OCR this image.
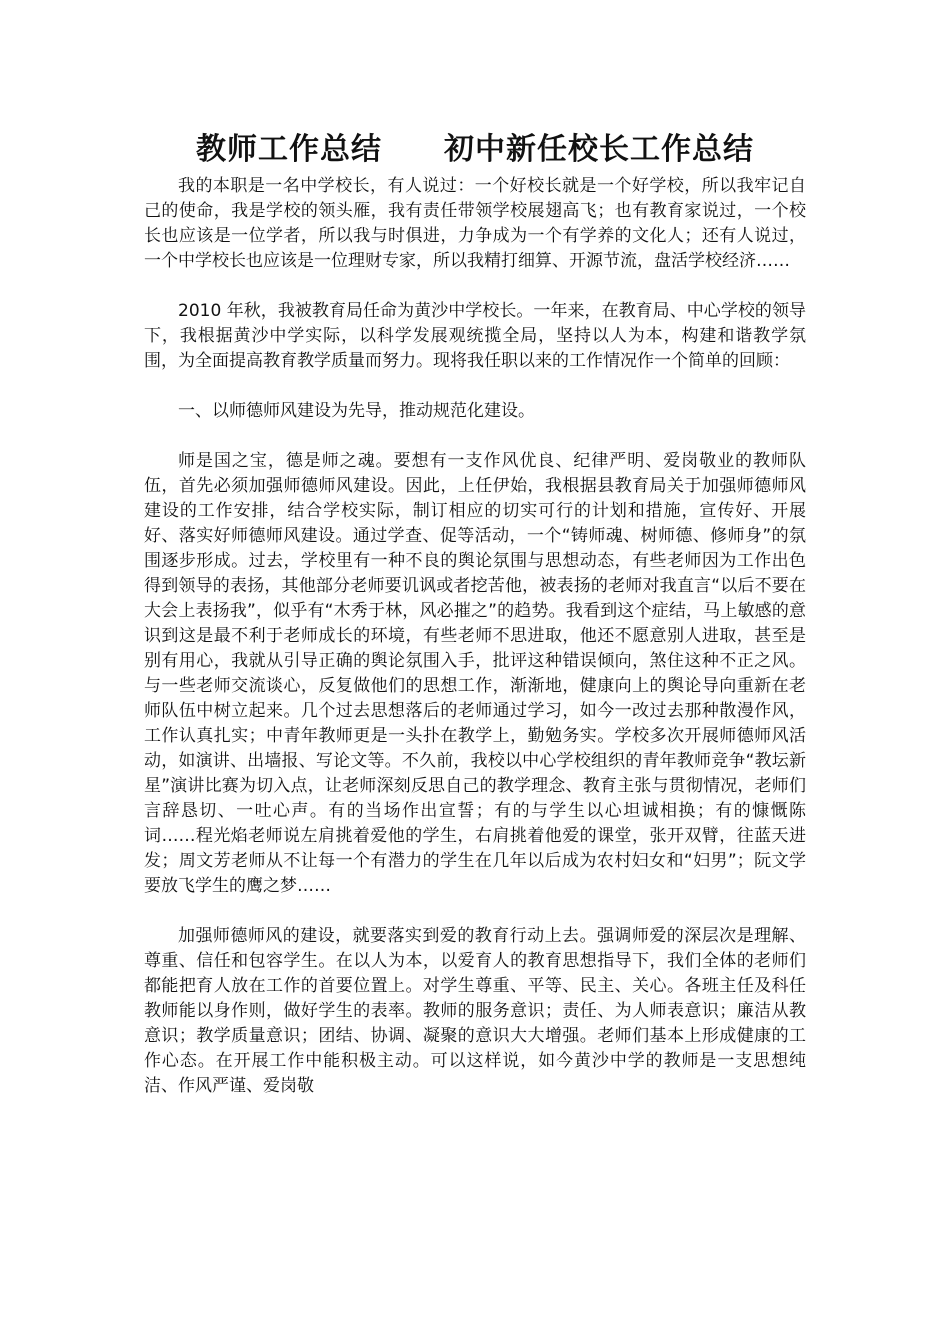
教师工作总结　　初中新任校长工作总结

我的本职是一名中学校长，有人说过：一个好校长就是一个好学校，所以我牢记自己的使命，我是学校的领头雁，我有责任带领学校展翅高飞；也有教育家说过，一个校长也应该是一位学者，所以我与时俱进，力争成为一个有学养的文化人；还有人说过，一个中学校长也应该是一位理财专家，所以我精打细算、开源节流，盘活学校经济……

2010 年秋，我被教育局任命为黄沙中学校长。一年来，在教育局、中心学校的领导下，我根据黄沙中学实际，以科学发展观统揽全局，坚持以人为本，构建和谐教学氛围，为全面提高教育教学质量而努力。现将我任职以来的工作情况作一个简单的回顾：

一、以师德师风建设为先导，推动规范化建设。

师是国之宝，德是师之魂。要想有一支作风优良、纪律严明、爱岗敬业的教师队伍，首先必须加强师德师风建设。因此，上任伊始，我根据县教育局关于加强师德师风建设的工作安排，结合学校实际，制订相应的切实可行的计划和措施，宣传好、开展好、落实好师德师风建设。通过学查、促等活动，一个“铸师魂、树师德、修师身”的氛围逐步形成。过去，学校里有一种不良的舆论氛围与思想动态，有些老师因为工作出色得到领导的表扬，其他部分老师要讥讽或者挖苦他，被表扬的老师对我直言“以后不要在大会上表扬我”，似乎有“木秀于林，风必摧之”的趋势。我看到这个症结，马上敏感的意识到这是最不利于老师成长的环境，有些老师不思进取，他还不愿意别人进取，甚至是别有用心，我就从引导正确的舆论氛围入手，批评这种错误倾向，煞住这种不正之风。与一些老师交流谈心，反复做他们的思想工作，渐渐地，健康向上的舆论导向重新在老师队伍中树立起来。几个过去思想落后的老师通过学习，如今一改过去那种散漫作风，工作认真扎实；中青年教师更是一头扑在教学上，勤勉务实。学校多次开展师德师风活动，如演讲、出墙报、写论文等。不久前，我校以中心学校组织的青年教师竞争“教坛新星”演讲比赛为切入点，让老师深刻反思自己的教学理念、教育主张与贯彻情况，老师们言辞恳切、一吐心声。有的当场作出宣誓；有的与学生以心坦诚相换；有的慷慨陈词……程光焰老师说左肩挑着爱他的学生，右肩挑着他爱的课堂，张开双臂，往蓝天进发；周文芳老师从不让每一个有潜力的学生在几年以后成为农村妇女和“妇男”；阮文学要放飞学生的鹰之梦……

加强师德师风的建设，就要落实到爱的教育行动上去。强调师爱的深层次是理解、尊重、信任和包容学生。在以人为本，以爱育人的教育思想指导下，我们全体的老师们都能把育人放在工作的首要位置上。对学生尊重、平等、民主、关心。各班主任及科任教师能以身作则，做好学生的表率。教师的服务意识；责任、为人师表意识；廉洁从教意识；教学质量意识；团结、协调、凝聚的意识大大增强。老师们基本上形成健康的工作心态。在开展工作中能积极主动。可以这样说，如今黄沙中学的教师是一支思想纯洁、作风严谨、爱岗敬
